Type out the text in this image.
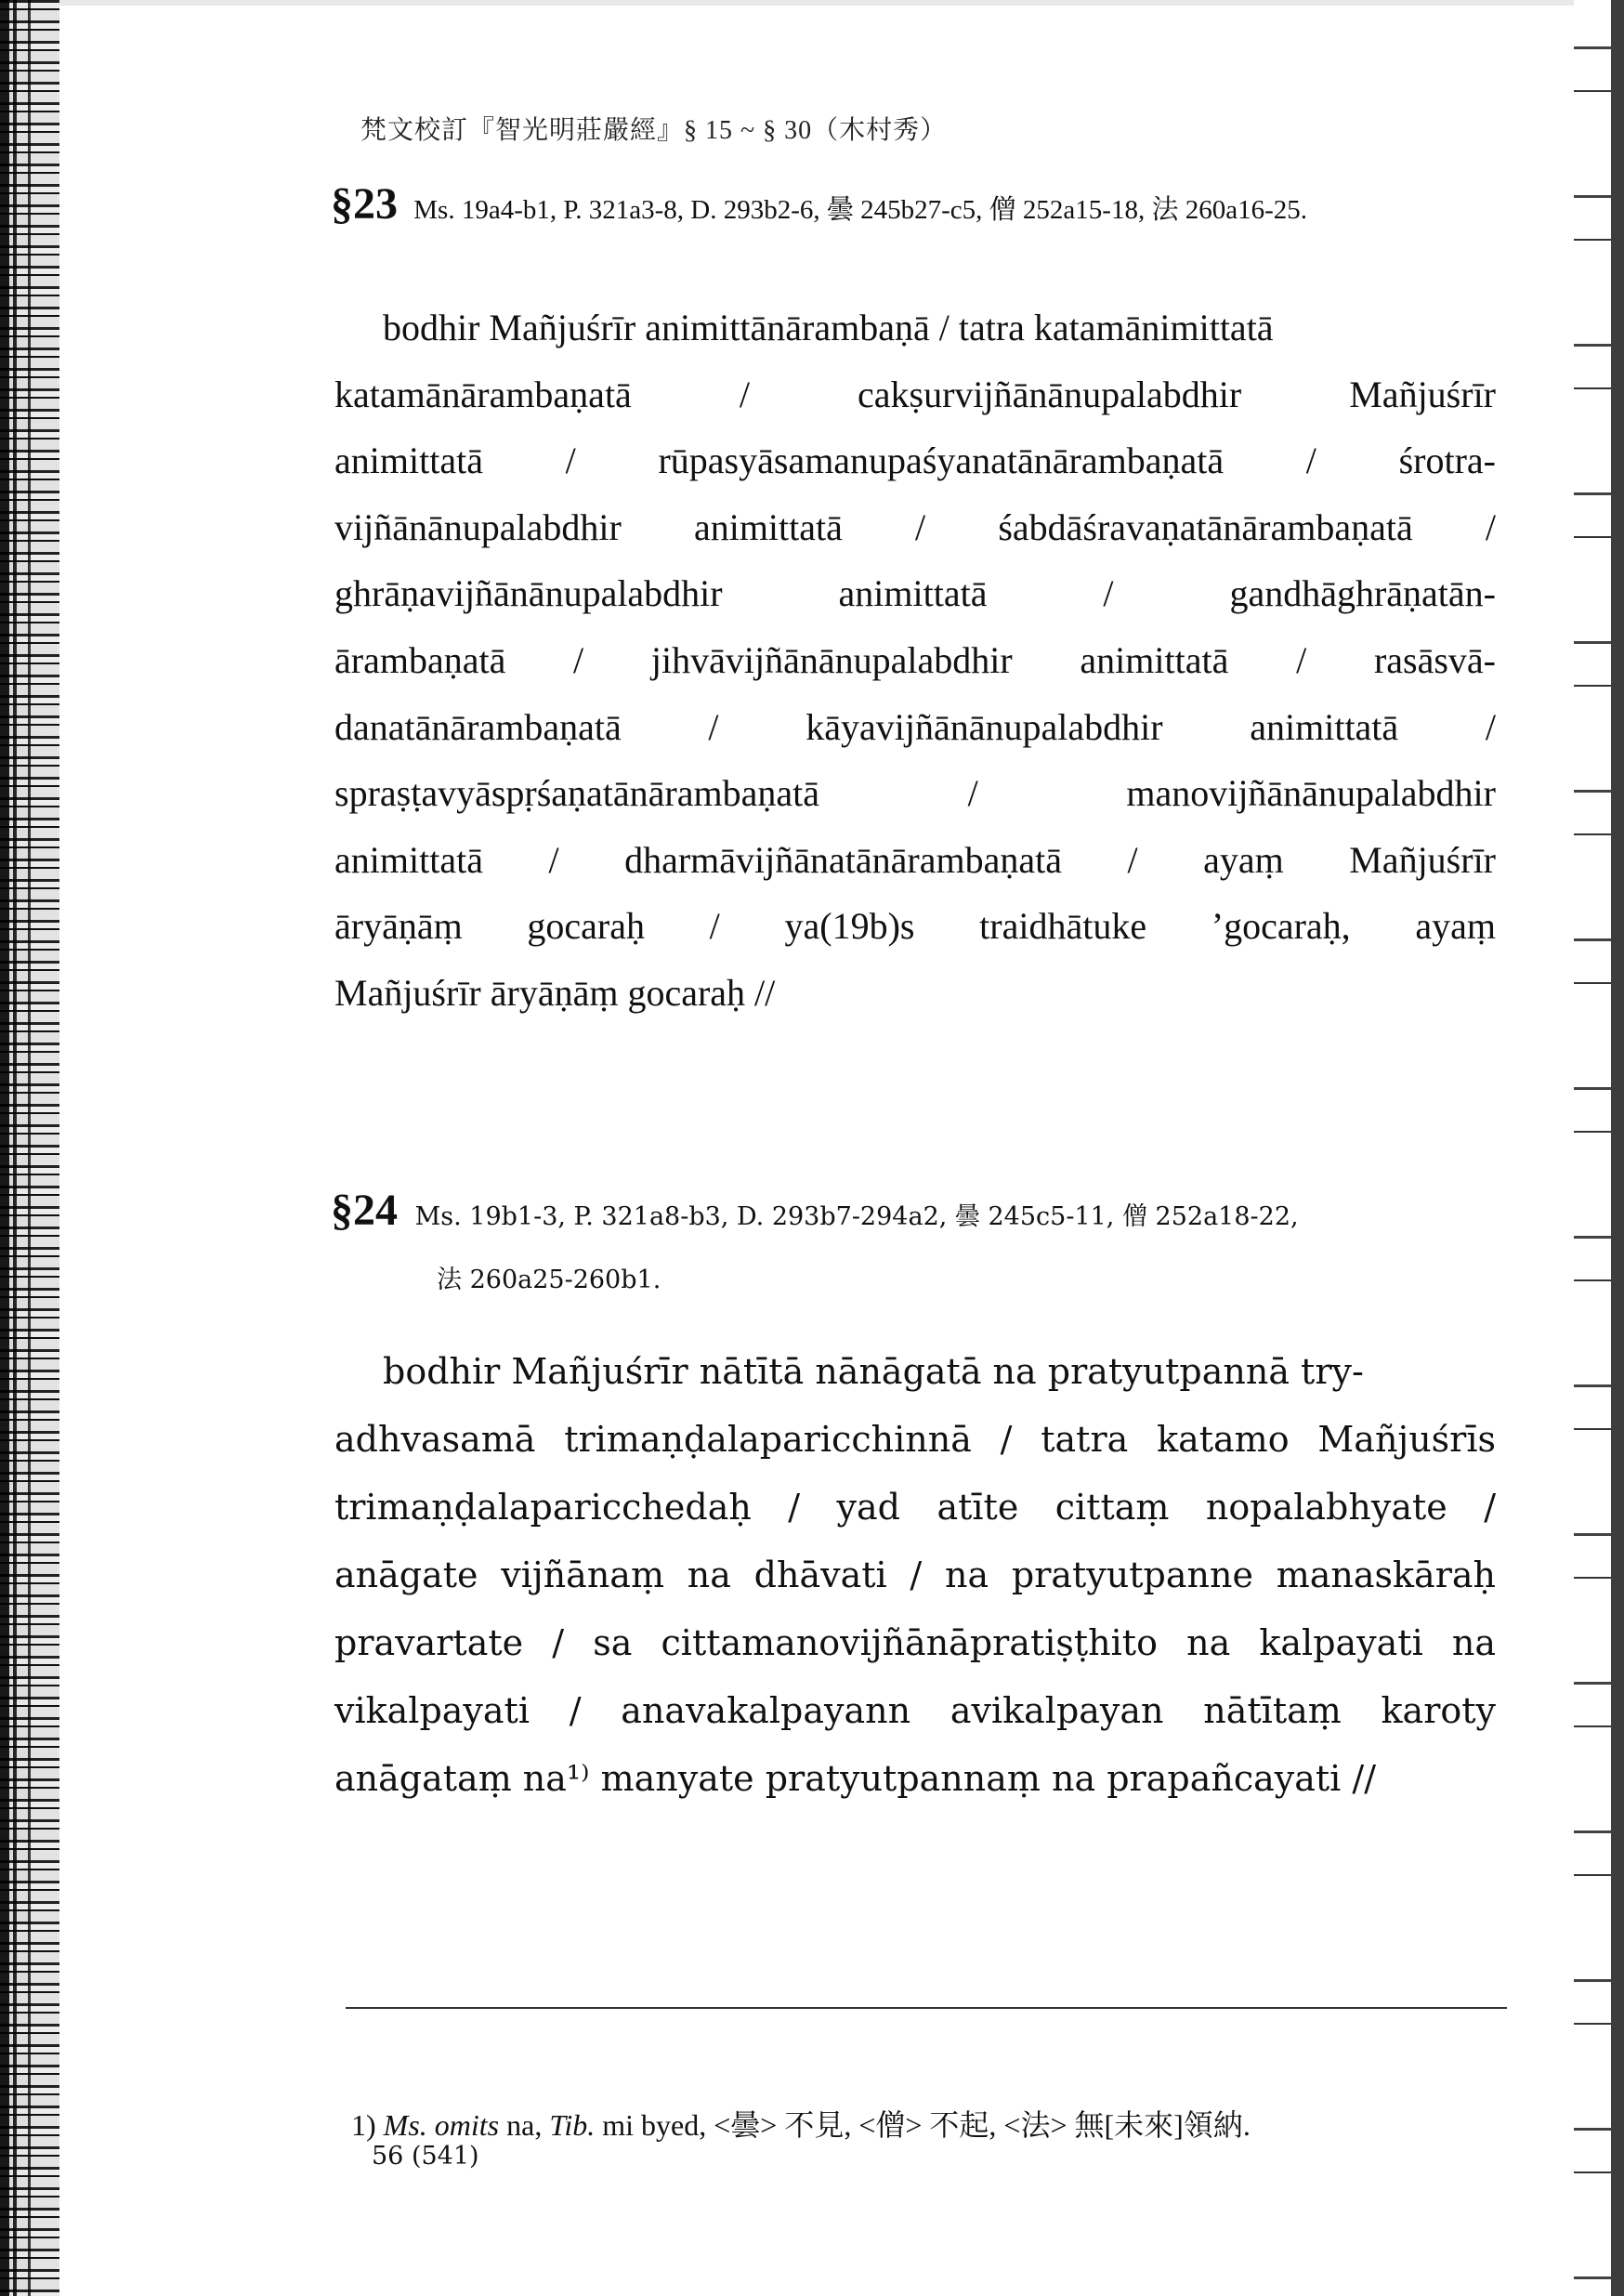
梵文校訂『智光明莊嚴經』§ 15 ~ § 30（木村秀）
§23 Ms. 19a4-b1, P. 321a3-8, D. 293b2-6, 曇 245b27-c5, 僧 252a15-18, 法 260a16-25.
bodhir Mañjuśrīr animittānārambaṇā / tatra katamānimittatā
katamānārambaṇatā / cakṣurvijñānānupalabdhir Mañjuśrīr
animittatā / rūpasyāsamanupaśyanatānārambaṇatā / śrotra-
vijñānānupalabdhir animittatā / śabdāśravaṇatānārambaṇatā /
ghrāṇavijñānānupalabdhir animittatā / gandhāghrāṇatān-
ārambaṇatā / jihvāvijñānānupalabdhir animittatā / rasāsvā-
danatānārambaṇatā / kāyavijñānānupalabdhir animittatā /
spraṣṭavyāspṛśaṇatānārambaṇatā / manovijñānānupalabdhir
animittatā / dharmāvijñānatānārambaṇatā / ayaṃ Mañjuśrīr
āryāṇāṃ gocaraḥ / ya(19b)s traidhātuke ’gocaraḥ, ayaṃ
Mañjuśrīr āryāṇāṃ gocaraḥ //
§24 Ms. 19b1-3, P. 321a8-b3, D. 293b7-294a2, 曇 245c5-11, 僧 252a18-22,
法 260a25-260b1.
bodhir Mañjuśrīr nātītā nānāgatā na pratyutpannā try-
adhvasamā trimaṇḍalaparicchinnā / tatra katamo Mañjuśrīs
trimaṇḍalaparicchedaḥ / yad atīte cittaṃ nopalabhyate /
anāgate vijñānaṃ na dhāvati / na pratyutpanne manaskāraḥ
pravartate / sa cittamanovijñānāpratiṣṭhito na kalpayati na
vikalpayati / anavakalpayann avikalpayan nātītaṃ karoty
anāgataṃ na¹⁾ manyate pratyutpannaṃ na prapañcayati //
1) Ms. omits na, Tib. mi byed, <曇> 不見, <僧> 不起, <法> 無[未來]領納.
56 (541)
